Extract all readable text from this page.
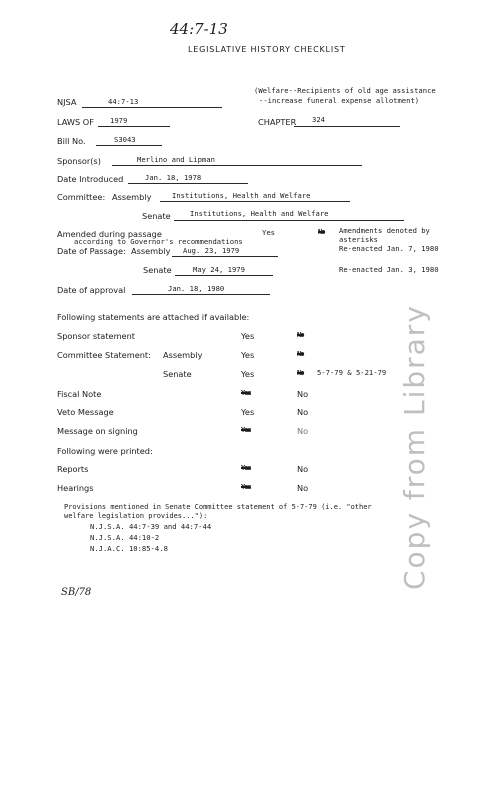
44:7-13
LEGISLATIVE HISTORY CHECKLIST
(Welfare--Recipients of old age assistance
--increase funeral expense allotment)
NJSA	44:7-13
LAWS OF 1979	CHAPTER 324
Bill No.	S3043
Sponsor(s)	Merlino and Lipman
Date Introduced	Jan. 18, 1978
Committee: Assembly	Institutions, Health and Welfare
Senate	Institutions, Health and Welfare
Amended during passage	Yes	No
according to Governor's recommendations
Amendments denoted by
asterisks
Date of Passage: Assembly Aug. 23, 1979	Re-enacted Jan. 7, 1980
Senate	May 24, 1979	Re-enacted Jan. 3, 1980
Date of approval	Jan. 18, 1980
Following statements are attached if available:
Sponsor statement	Yes	No
Committee Statement: Assembly	Yes	No
Senate	Yes	No 5-7-79 & 5-21-79
Fiscal Note	Yes	No
Veto Message	Yes	No
Message on signing	Yes	No
Following were printed:
Reports	Yes	No
Hearings	Yes	No
Provisions mentioned in Senate Committee statement of 5-7-79 (i.e. "other
welfare legislation provides..."):
N.J.S.A. 44:7-39 and 44:7-44
N.J.S.A. 44:10-2
N.J.A.C. 10:85-4.8
SB/78
Copy from Library
